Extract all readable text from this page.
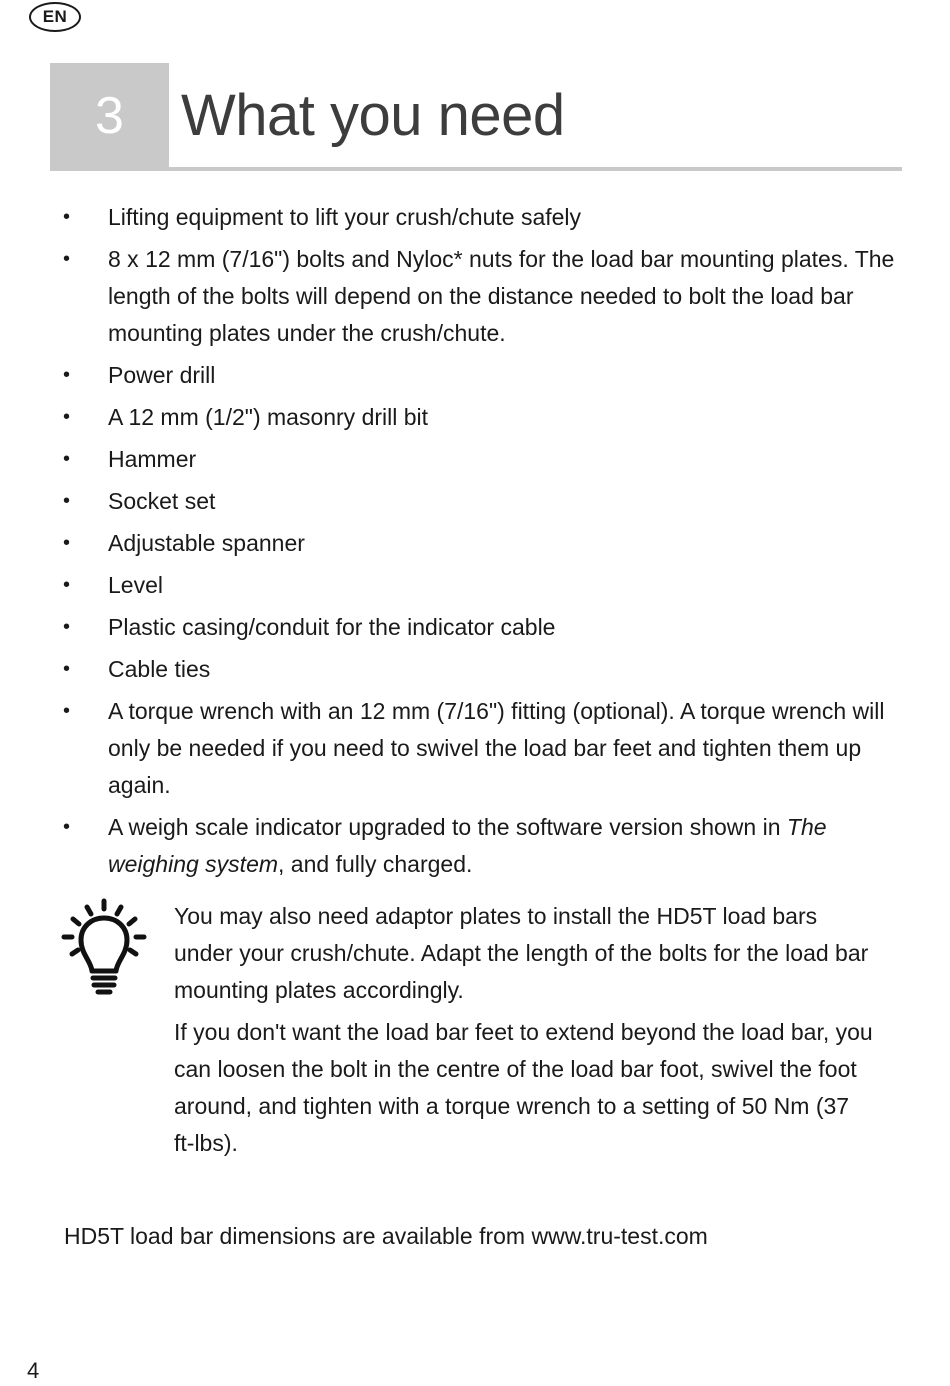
EN
3 What you need
• Lifting equipment to lift your crush/chute safely
• 8 x 12 mm (7/16") bolts and Nyloc* nuts for the load bar mounting plates. The length of the bolts will depend on the distance needed to bolt the load bar mounting plates under the crush/chute.
• Power drill
• A 12 mm (1/2") masonry drill bit
• Hammer
• Socket set
• Adjustable spanner
• Level
• Plastic casing/conduit for the indicator cable
• Cable ties
• A torque wrench with an 12 mm (7/16") fitting (optional). A torque wrench will only be needed if you need to swivel the load bar feet and tighten them up again.
• A weigh scale indicator upgraded to the software version shown in The weighing system, and fully charged.

You may also need adaptor plates to install the HD5T load bars under your crush/chute. Adapt the length of the bolts for the load bar mounting plates accordingly.

If you don't want the load bar feet to extend beyond the load bar, you can loosen the bolt in the centre of the load bar foot, swivel the foot around, and tighten with a torque wrench to a setting of 50 Nm (37 ft-lbs).

HD5T load bar dimensions are available from www.tru-test.com
4
